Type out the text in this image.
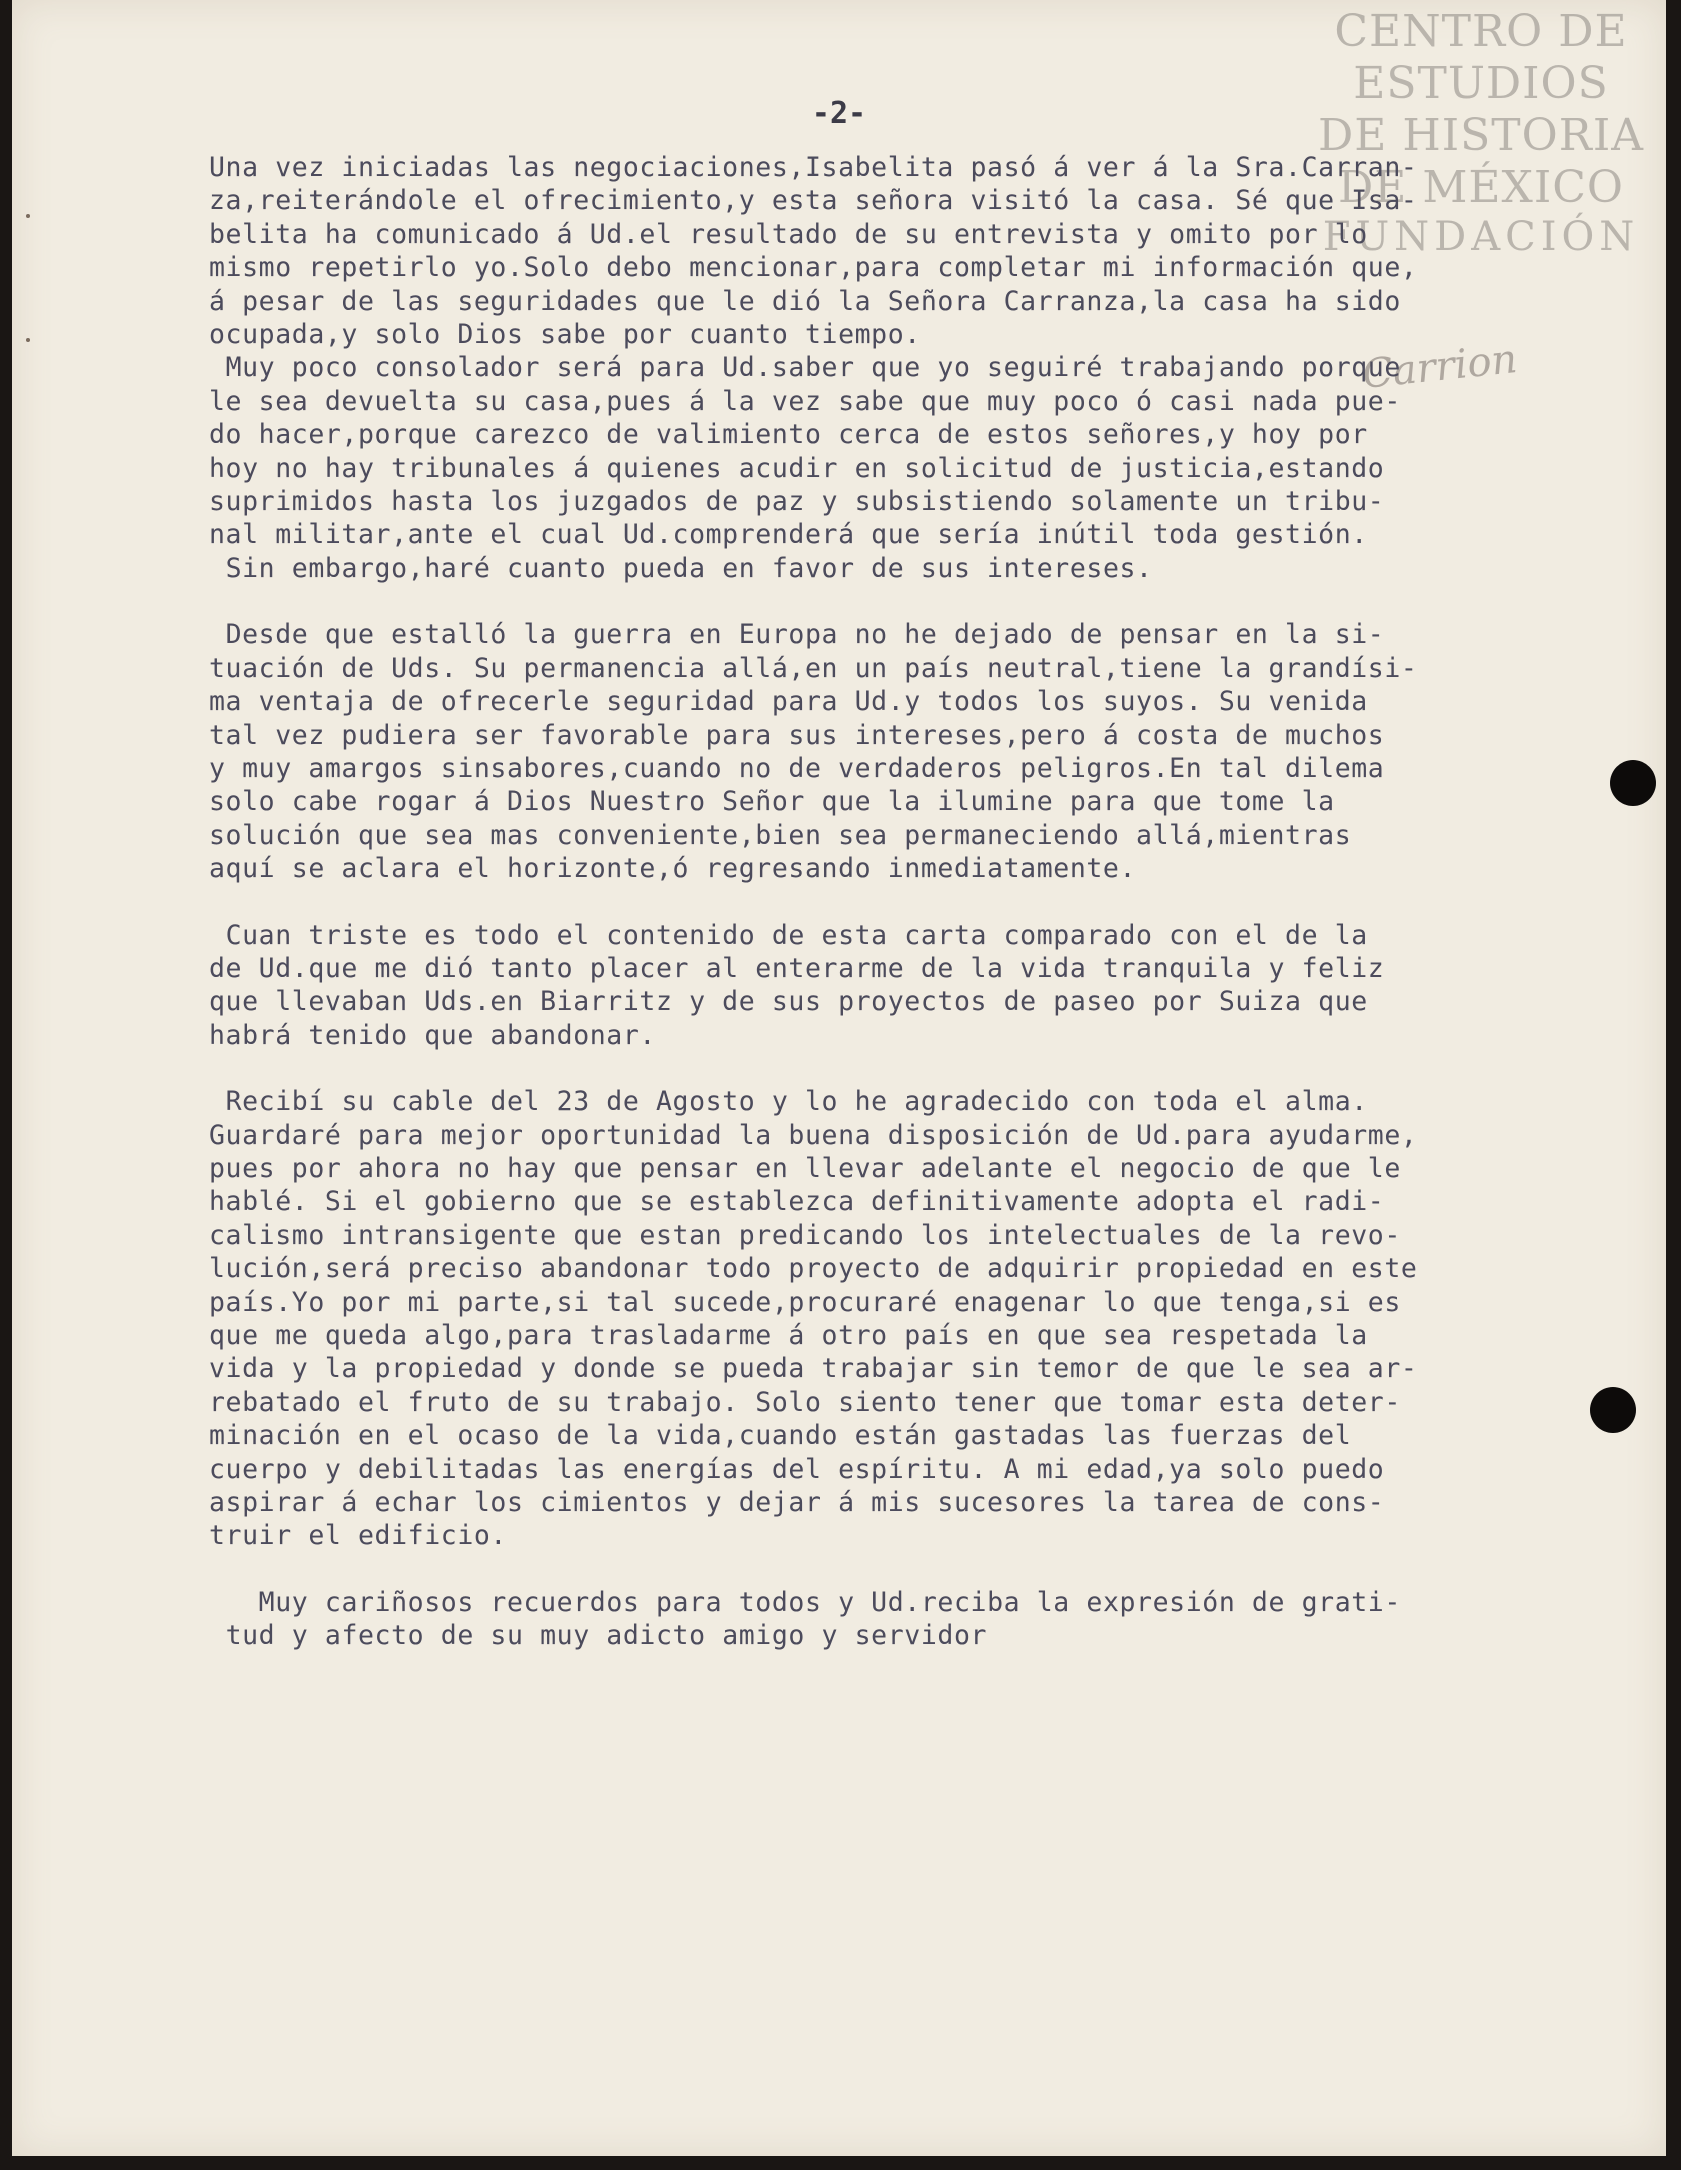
CENTRO DE
ESTUDIOS
DE HISTORIA
DE MÉXICO
FUNDACIÓN
-2-
Carrion

Una vez iniciadas las negociaciones,Isabelita pasó á ver á la Sra.Carran-
za,reiterándole el ofrecimiento,y esta señora visitó la casa. Sé que Isa-
belita ha comunicado á Ud.el resultado de su entrevista y omito por lo
mismo repetirlo yo.Solo debo mencionar,para completar mi información que,
á pesar de las seguridades que le dió la Señora Carranza,la casa ha sido
ocupada,y solo Dios sabe por cuanto tiempo.

Muy poco consolador será para Ud.saber que yo seguiré trabajando porque
le sea devuelta su casa,pues á la vez sabe que muy poco ó casi nada pue-
do hacer,porque carezco de valimiento cerca de estos señores,y hoy por
hoy no hay tribunales á quienes acudir en solicitud de justicia,estando
suprimidos hasta los juzgados de paz y subsistiendo solamente un tribu-
nal militar,ante el cual Ud.comprenderá que sería inútil toda gestión.
Sin embargo,haré cuanto pueda en favor de sus intereses.

Desde que estalló la guerra en Europa no he dejado de pensar en la si-
tuación de Uds. Su permanencia allá,en un país neutral,tiene la grandísi-
ma ventaja de ofrecerle seguridad para Ud.y todos los suyos. Su venida
tal vez pudiera ser favorable para sus intereses,pero á costa de muchos
y muy amargos sinsabores,cuando no de verdaderos peligros.En tal dilema
solo cabe rogar á Dios Nuestro Señor que la ilumine para que tome la
solución que sea mas conveniente,bien sea permaneciendo allá,mientras
aquí se aclara el horizonte,ó regresando inmediatamente.

Cuan triste es todo el contenido de esta carta comparado con el de la
de Ud.que me dió tanto placer al enterarme de la vida tranquila y feliz
que llevaban Uds.en Biarritz y de sus proyectos de paseo por Suiza que
habrá tenido que abandonar.

Recibí su cable del 23 de Agosto y lo he agradecido con toda el alma.
Guardaré para mejor oportunidad la buena disposición de Ud.para ayudarme,
pues por ahora no hay que pensar en llevar adelante el negocio de que le
hablé. Si el gobierno que se establezca definitivamente adopta el radi-
calismo intransigente que estan predicando los intelectuales de la revo-
lución,será preciso abandonar todo proyecto de adquirir propiedad en este
país.Yo por mi parte,si tal sucede,procuraré enagenar lo que tenga,si es
que me queda algo,para trasladarme á otro país en que sea respetada la
vida y la propiedad y donde se pueda trabajar sin temor de que le sea ar-
rebatado el fruto de su trabajo. Solo siento tener que tomar esta deter-
minación en el ocaso de la vida,cuando están gastadas las fuerzas del
cuerpo y debilitadas las energías del espíritu. A mi edad,ya solo puedo
aspirar á echar los cimientos y dejar á mis sucesores la tarea de cons-
truir el edificio.

Muy cariñosos recuerdos para todos y Ud.reciba la expresión de grati-
tud y afecto de su muy adicto amigo y servidor
